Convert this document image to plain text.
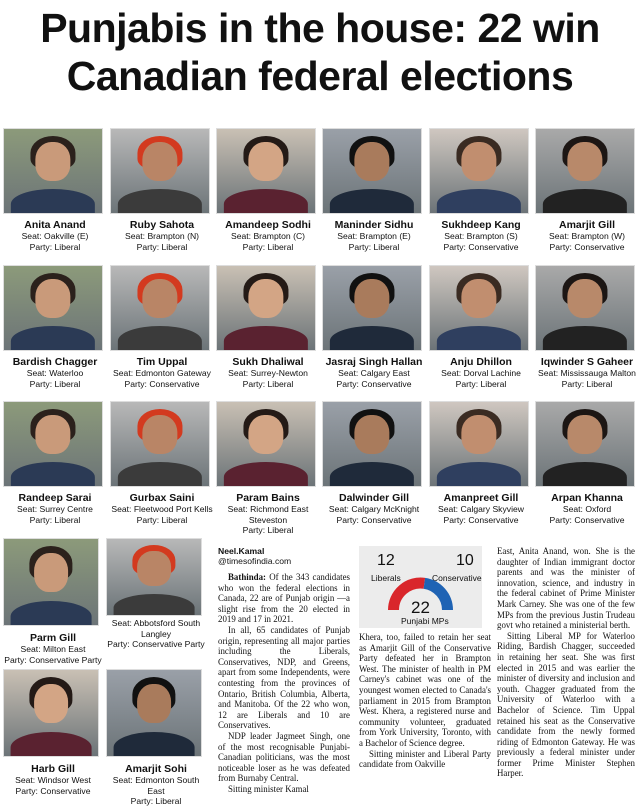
Punjabis in the house: 22 win
Canadian federal elections
Anita Anand
Seat: Oakville (E)
Party: Liberal
Ruby Sahota
Seat: Brampton (N)
Party: Liberal
Amandeep Sodhi
Seat: Brampton (C)
Party: Liberal
Maninder Sidhu
Seat: Brampton (E)
Party: Liberal
Sukhdeep Kang
Seat: Brampton (S)
Party: Conservative
Amarjit Gill
Seat: Brampton (W)
Party: Conservative
Bardish Chagger
Seat: Waterloo
Party: Liberal
Tim Uppal
Seat: Edmonton Gateway
Party: Conservative
Sukh Dhaliwal
Seat: Surrey-Newton
Party: Liberal
Jasraj Singh Hallan
Seat: Calgary East
Party: Conservative
Anju Dhillon
Seat: Dorval Lachine
Party: Liberal
Iqwinder S Gaheer
Seat: Mississauga Malton
Party: Liberal
Randeep Sarai
Seat: Surrey Centre
Party: Liberal
Gurbax Saini
Seat: Fleetwood Port Kells
Party: Liberal
Param Bains
Seat: Richmond East Steveston
Party: Liberal
Dalwinder Gill
Seat: Calgary McKnight
Party: Conservative
Amanpreet Gill
Seat: Calgary Skyview
Party: Conservative
Arpan Khanna
Seat: Oxford
Party: Conservative
Parm Gill
Seat: Milton East
Party: Conservative Party
Seat: Abbotsford South Langley
Party: Conservative Party
Harb Gill
Seat: Windsor West
Party: Conservative
Amarjit Sohi
Seat: Edmonton South East
Party: Liberal
Neel.Kamal
@timesofindia.com	12	10
Liberals	Conservative
22
Punjabi MPs

Bathinda: Of the 343 candidates who won the federal elections in Canada, 22 are of Punjab origin —a slight rise from the 20 elected in 2019 and 17 in 2021.

In all, 65 candidates of Punjab origin, representing all major parties including the Liberals, Conservatives, NDP, and Greens, apart from some Independents, were contesting from the provinces of Ontario, British Columbia, Alberta, and Manitoba. Of the 22 who won, 12 are Liberals and 10 are Conservatives.

NDP leader Jagmeet Singh, one of the most recognisable Punjabi-Canadian politicians, was the most noticeable loser as he was defeated from Burnaby Central.

Sitting minister Kamal

Khera, too, failed to retain her seat as Amarjit Gill of the Conservative Party defeated her in Brampton West. The minister of health in PM Carney's cabinet was one of the youngest women elected to Canada's parliament in 2015 from Brampton West. Khera, a registered nurse and community volunteer, graduated from York University, Toronto, with a Bachelor of Science degree.

Sitting minister and Liberal Party candidate from Oakville

East, Anita Anand, won. She is the daughter of Indian immigrant doctor parents and was the minister of innovation, science, and industry in the federal cabinet of Prime Minister Mark Carney. She was one of the few MPs from the previous Justin Trudeau govt who retained a ministerial berth.

Sitting Liberal MP for Waterloo Riding, Bardish Chagger, succeeded in retaining her seat. She was first elected in 2015 and was earlier the minister of diversity and inclusion and youth. Chagger graduated from the University of Waterloo with a Bachelor of Science. Tim Uppal retained his seat as the Conservative candidate from the newly formed riding of Edmonton Gateway. He was previously a federal minister under former Prime Minister Stephen Harper.
